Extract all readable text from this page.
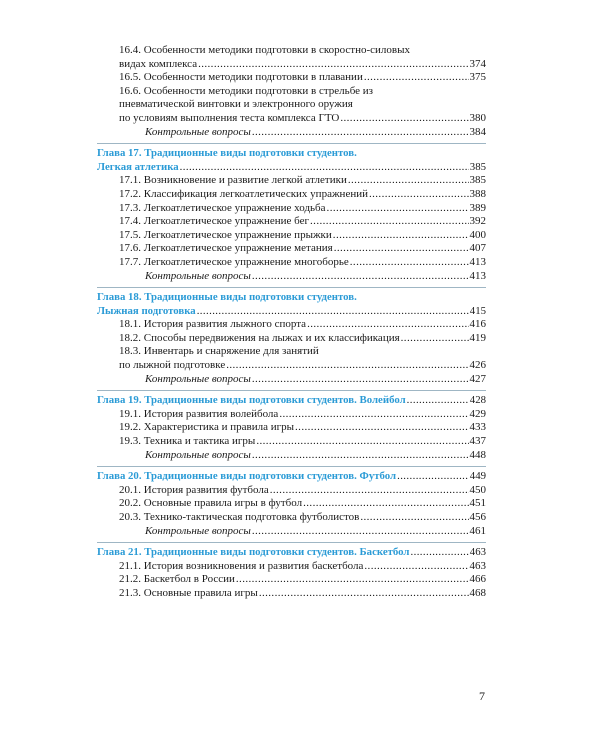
16.4. Особенности методики подготовки в скоростно-силовых
видах комплекса .....	374
16.5. Особенности методики подготовки в плавании .....	375
16.6. Особенности методики подготовки в стрельбе из
пневматической винтовки и электронного оружия
по условиям выполнения теста комплекса ГТО .....	380
Контрольные вопросы .....	384
Глава 17. Традиционные виды подготовки студентов.
Легкая атлетика .....	385
17.1. Возникновение и развитие легкой атлетики .....	385
17.2. Классификация легкоатлетических упражнений .....	388
17.3. Легкоатлетическое упражнение ходьба .....	389
17.4. Легкоатлетическое упражнение бег .....	392
17.5. Легкоатлетическое упражнение прыжки .....	400
17.6. Легкоатлетическое упражнение метания .....	407
17.7. Легкоатлетическое упражнение многоборье .....	413
Контрольные вопросы .....	413
Глава 18. Традиционные виды подготовки студентов.
Лыжная подготовка .....	415
18.1. История развития лыжного спорта .....	416
18.2. Способы передвижения на лыжах и их классификация .....	419
18.3. Инвентарь и снаряжение для занятий
по лыжной подготовке .....	426
Контрольные вопросы .....	427
Глава 19. Традиционные виды подготовки студентов. Волейбол .....	428
19.1. История развития волейбола .....	429
19.2. Характеристика и правила игры .....	433
19.3. Техника и тактика игры .....	437
Контрольные вопросы .....	448
Глава 20. Традиционные виды подготовки студентов. Футбол .....	449
20.1. История развития футбола .....	450
20.2. Основные правила игры в футбол .....	451
20.3. Технико-тактическая подготовка футболистов .....	456
Контрольные вопросы .....	461
Глава 21. Традиционные виды подготовки студентов. Баскетбол .....	463
21.1. История возникновения и развития баскетбола .....	463
21.2. Баскетбол в России .....	466
21.3. Основные правила игры .....	468
7
